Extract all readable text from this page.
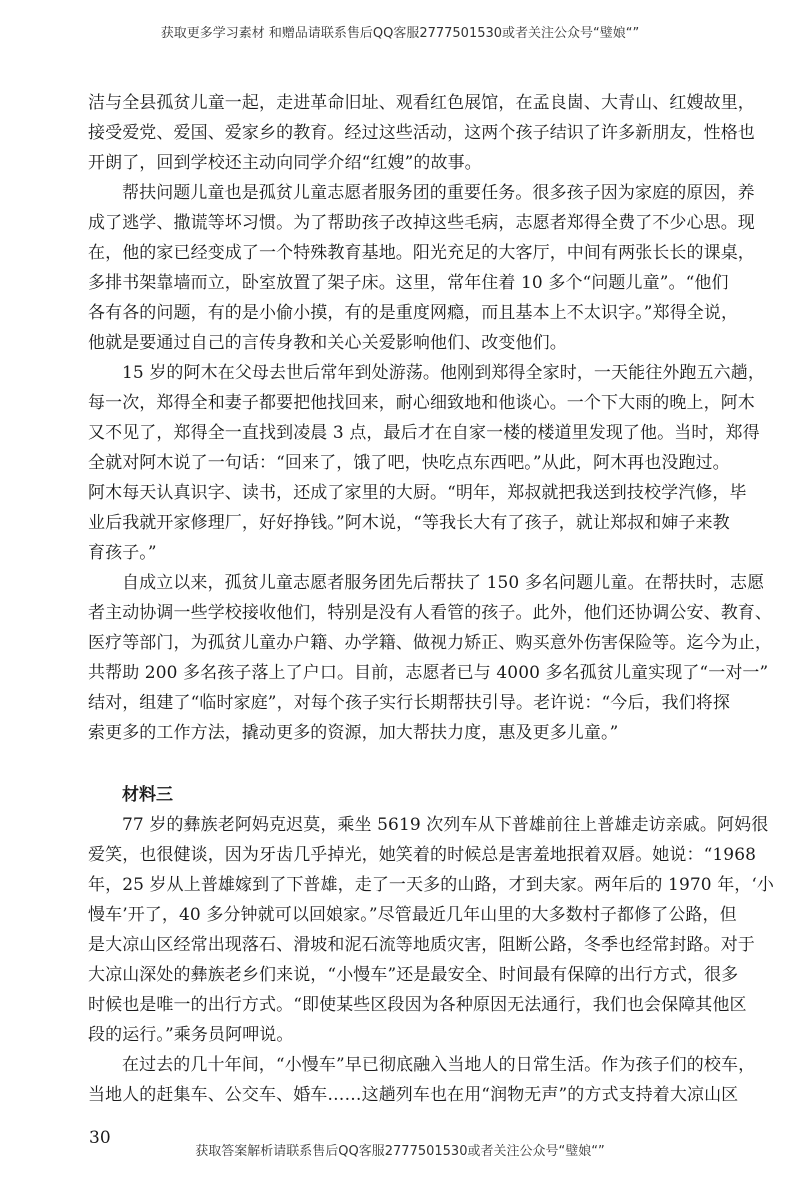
获取更多学习素材 和赠品请联系售后QQ客服2777501530或者关注公众号“璧娘“”
洁与全县孤贫儿童一起，走进革命旧址、观看红色展馆，在孟良崮、大青山、红嫂故里，
接受爱党、爱国、爱家乡的教育。经过这些活动，这两个孩子结识了许多新朋友，性格也
开朗了，回到学校还主动向同学介绍“红嫂”的故事。
帮扶问题儿童也是孤贫儿童志愿者服务团的重要任务。很多孩子因为家庭的原因，养
成了逃学、撒谎等坏习惯。为了帮助孩子改掉这些毛病，志愿者郑得全费了不少心思。现
在，他的家已经变成了一个特殊教育基地。阳光充足的大客厅，中间有两张长长的课桌，
多排书架靠墙而立，卧室放置了架子床。这里，常年住着 10 多个“问题儿童”。“他们
各有各的问题，有的是小偷小摸，有的是重度网瘾，而且基本上不太识字。”郑得全说，
他就是要通过自己的言传身教和关心关爱影响他们、改变他们。
15 岁的阿木在父母去世后常年到处游荡。他刚到郑得全家时，一天能往外跑五六趟，
每一次，郑得全和妻子都要把他找回来，耐心细致地和他谈心。一个下大雨的晚上，阿木
又不见了，郑得全一直找到凌晨 3 点，最后才在自家一楼的楼道里发现了他。当时，郑得
全就对阿木说了一句话：“回来了，饿了吧，快吃点东西吧。”从此，阿木再也没跑过。
阿木每天认真识字、读书，还成了家里的大厨。“明年，郑叔就把我送到技校学汽修，毕
业后我就开家修理厂，好好挣钱。”阿木说，“等我长大有了孩子，就让郑叔和婶子来教
育孩子。”
自成立以来，孤贫儿童志愿者服务团先后帮扶了 150 多名问题儿童。在帮扶时，志愿
者主动协调一些学校接收他们，特别是没有人看管的孩子。此外，他们还协调公安、教育、
医疗等部门，为孤贫儿童办户籍、办学籍、做视力矫正、购买意外伤害保险等。迄今为止，
共帮助 200 多名孩子落上了户口。目前，志愿者已与 4000 多名孤贫儿童实现了“一对一”
结对，组建了“临时家庭”，对每个孩子实行长期帮扶引导。老许说：“今后，我们将探
索更多的工作方法，撬动更多的资源，加大帮扶力度，惠及更多儿童。”
材料三
77 岁的彝族老阿妈克迟莫，乘坐 5619 次列车从下普雄前往上普雄走访亲戚。阿妈很
爱笑，也很健谈，因为牙齿几乎掉光，她笑着的时候总是害羞地抿着双唇。她说：“1968
年，25 岁从上普雄嫁到了下普雄，走了一天多的山路，才到夫家。两年后的 1970 年，‘小
慢车’开了，40 多分钟就可以回娘家。”尽管最近几年山里的大多数村子都修了公路，但
是大凉山区经常出现落石、滑坡和泥石流等地质灾害，阻断公路，冬季也经常封路。对于
大凉山深处的彝族老乡们来说，“小慢车”还是最安全、时间最有保障的出行方式，很多
时候也是唯一的出行方式。“即使某些区段因为各种原因无法通行，我们也会保障其他区
段的运行。”乘务员阿呷说。
在过去的几十年间，“小慢车”早已彻底融入当地人的日常生活。作为孩子们的校车，
当地人的赶集车、公交车、婚车……这趟列车也在用“润物无声”的方式支持着大凉山区
30
获取答案解析请联系售后QQ客服2777501530或者关注公众号“璧娘“”
